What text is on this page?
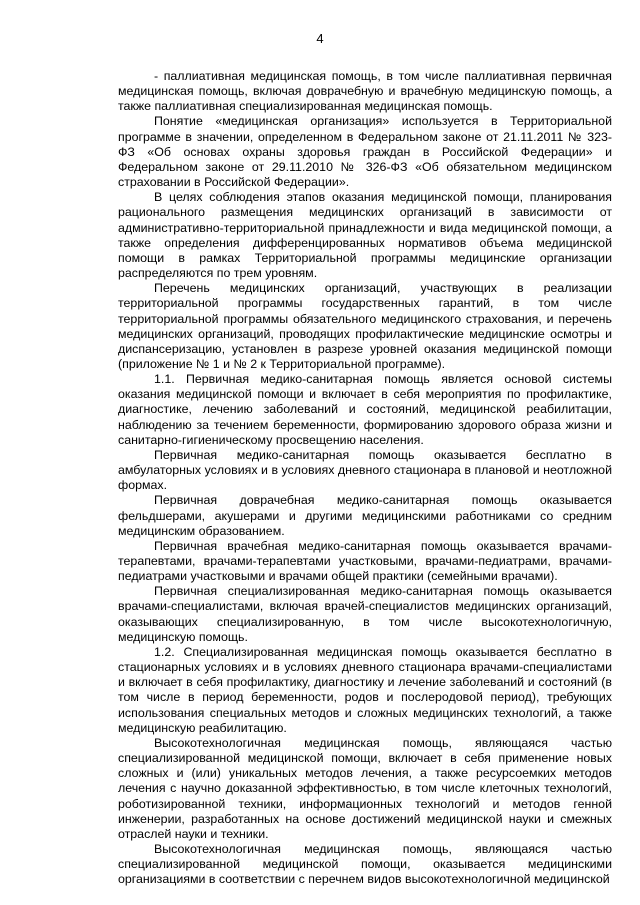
4

- паллиативная медицинская помощь, в том числе паллиативная первичная медицинская помощь, включая доврачебную и врачебную медицинскую помощь, а также паллиативная специализированная медицинская помощь.

Понятие «медицинская организация» используется в Территориальной программе в значении, определенном в Федеральном законе от 21.11.2011 № 323-ФЗ «Об основах охраны здоровья граждан в Российской Федерации» и Федеральном законе от 29.11.2010 № 326-ФЗ «Об обязательном медицинском страховании в Российской Федерации».

В целях соблюдения этапов оказания медицинской помощи, планирования рационального размещения медицинских организаций в зависимости от административно-территориальной принадлежности и вида медицинской помощи, а также определения дифференцированных нормативов объема медицинской помощи в рамках Территориальной программы медицинские организации распределяются по трем уровням.

Перечень медицинских организаций, участвующих в реализации территориальной программы государственных гарантий, в том числе территориальной программы обязательного медицинского страхования, и перечень медицинских организаций, проводящих профилактические медицинские осмотры и диспансеризацию, установлен в разрезе уровней оказания медицинской помощи (приложение № 1 и № 2 к Территориальной программе).

1.1. Первичная медико-санитарная помощь является основой системы оказания медицинской помощи и включает в себя мероприятия по профилактике, диагностике, лечению заболеваний и состояний, медицинской реабилитации, наблюдению за течением беременности, формированию здорового образа жизни и санитарно-гигиеническому просвещению населения.

Первичная медико-санитарная помощь оказывается бесплатно в амбулаторных условиях и в условиях дневного стационара в плановой и неотложной формах.

Первичная доврачебная медико-санитарная помощь оказывается фельдшерами, акушерами и другими медицинскими работниками со средним медицинским образованием.

Первичная врачебная медико-санитарная помощь оказывается врачами-терапевтами, врачами-терапевтами участковыми, врачами-педиатрами, врачами-педиатрами участковыми и врачами общей практики (семейными врачами).

Первичная специализированная медико-санитарная помощь оказывается врачами-специалистами, включая врачей-специалистов медицинских организаций, оказывающих специализированную, в том числе высокотехнологичную, медицинскую помощь.

1.2. Специализированная медицинская помощь оказывается бесплатно в стационарных условиях и в условиях дневного стационара врачами-специалистами и включает в себя профилактику, диагностику и лечение заболеваний и состояний (в том числе в период беременности, родов и послеродовой период), требующих использования специальных методов и сложных медицинских технологий, а также медицинскую реабилитацию.

Высокотехнологичная медицинская помощь, являющаяся частью специализированной медицинской помощи, включает в себя применение новых сложных и (или) уникальных методов лечения, а также ресурсоемких методов лечения с научно доказанной эффективностью, в том числе клеточных технологий, роботизированной техники, информационных технологий и методов генной инженерии, разработанных на основе достижений медицинской науки и смежных отраслей науки и техники.

Высокотехнологичная медицинская помощь, являющаяся частью специализированной медицинской помощи, оказывается медицинскими организациями в соответствии с перечнем видов высокотехнологичной медицинской
